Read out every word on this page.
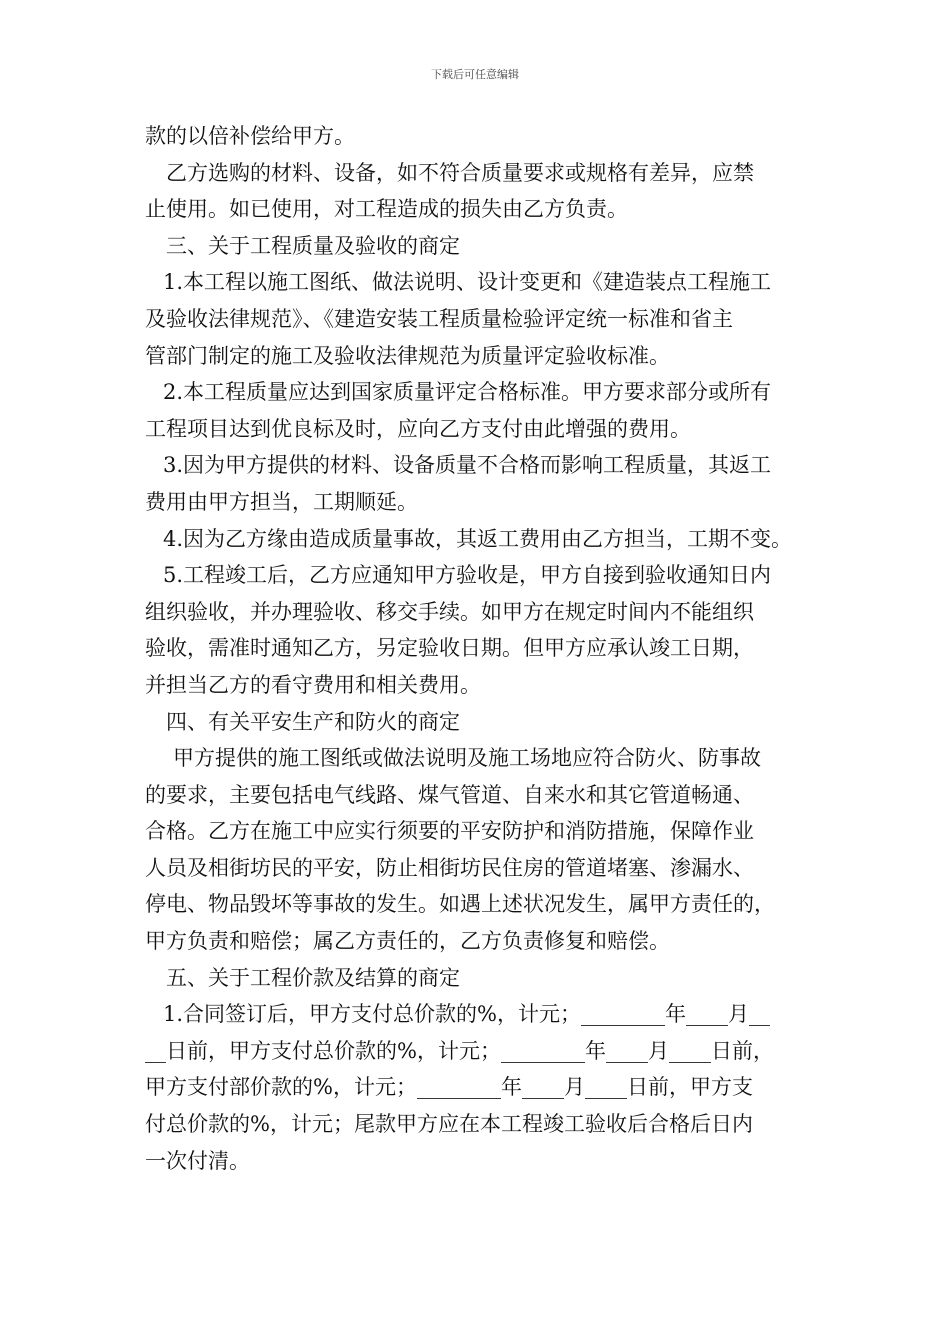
下载后可任意编辑
款的以倍补偿给甲方。
乙方选购的材料、设备，如不符合质量要求或规格有差异，应禁
止使用。如已使用，对工程造成的损失由乙方负责。
三、关于工程质量及验收的商定
1.本工程以施工图纸、做法说明、设计变更和《建造装点工程施工
及验收法律规范》、《建造安装工程质量检验评定统一标准和省主
管部门制定的施工及验收法律规范为质量评定验收标准。
2.本工程质量应达到国家质量评定合格标准。甲方要求部分或所有
工程项目达到优良标及时，应向乙方支付由此增强的费用。
3.因为甲方提供的材料、设备质量不合格而影响工程质量，其返工
费用由甲方担当，工期顺延。
4.因为乙方缘由造成质量事故，其返工费用由乙方担当，工期不变。
5.工程竣工后，乙方应通知甲方验收是，甲方自接到验收通知日内
组织验收，并办理验收、移交手续。如甲方在规定时间内不能组织
验收，需准时通知乙方，另定验收日期。但甲方应承认竣工日期，
并担当乙方的看守费用和相关费用。
四、有关平安生产和防火的商定
甲方提供的施工图纸或做法说明及施工场地应符合防火、防事故
的要求，主要包括电气线路、煤气管道、自来水和其它管道畅通、
合格。乙方在施工中应实行须要的平安防护和消防措施，保障作业
人员及相街坊民的平安，防止相街坊民住房的管道堵塞、渗漏水、
停电、物品毁坏等事故的发生。如遇上述状况发生，属甲方责任的，
甲方负责和赔偿；属乙方责任的，乙方负责修复和赔偿。
五、关于工程价款及结算的商定
1.合同签订后，甲方支付总价款的%，计元；________年____月__
__日前，甲方支付总价款的%，计元；________年____月____日前，
甲方支付部价款的%，计元；________年____月____日前，甲方支
付总价款的%，计元；尾款甲方应在本工程竣工验收后合格后日内
一次付清。
